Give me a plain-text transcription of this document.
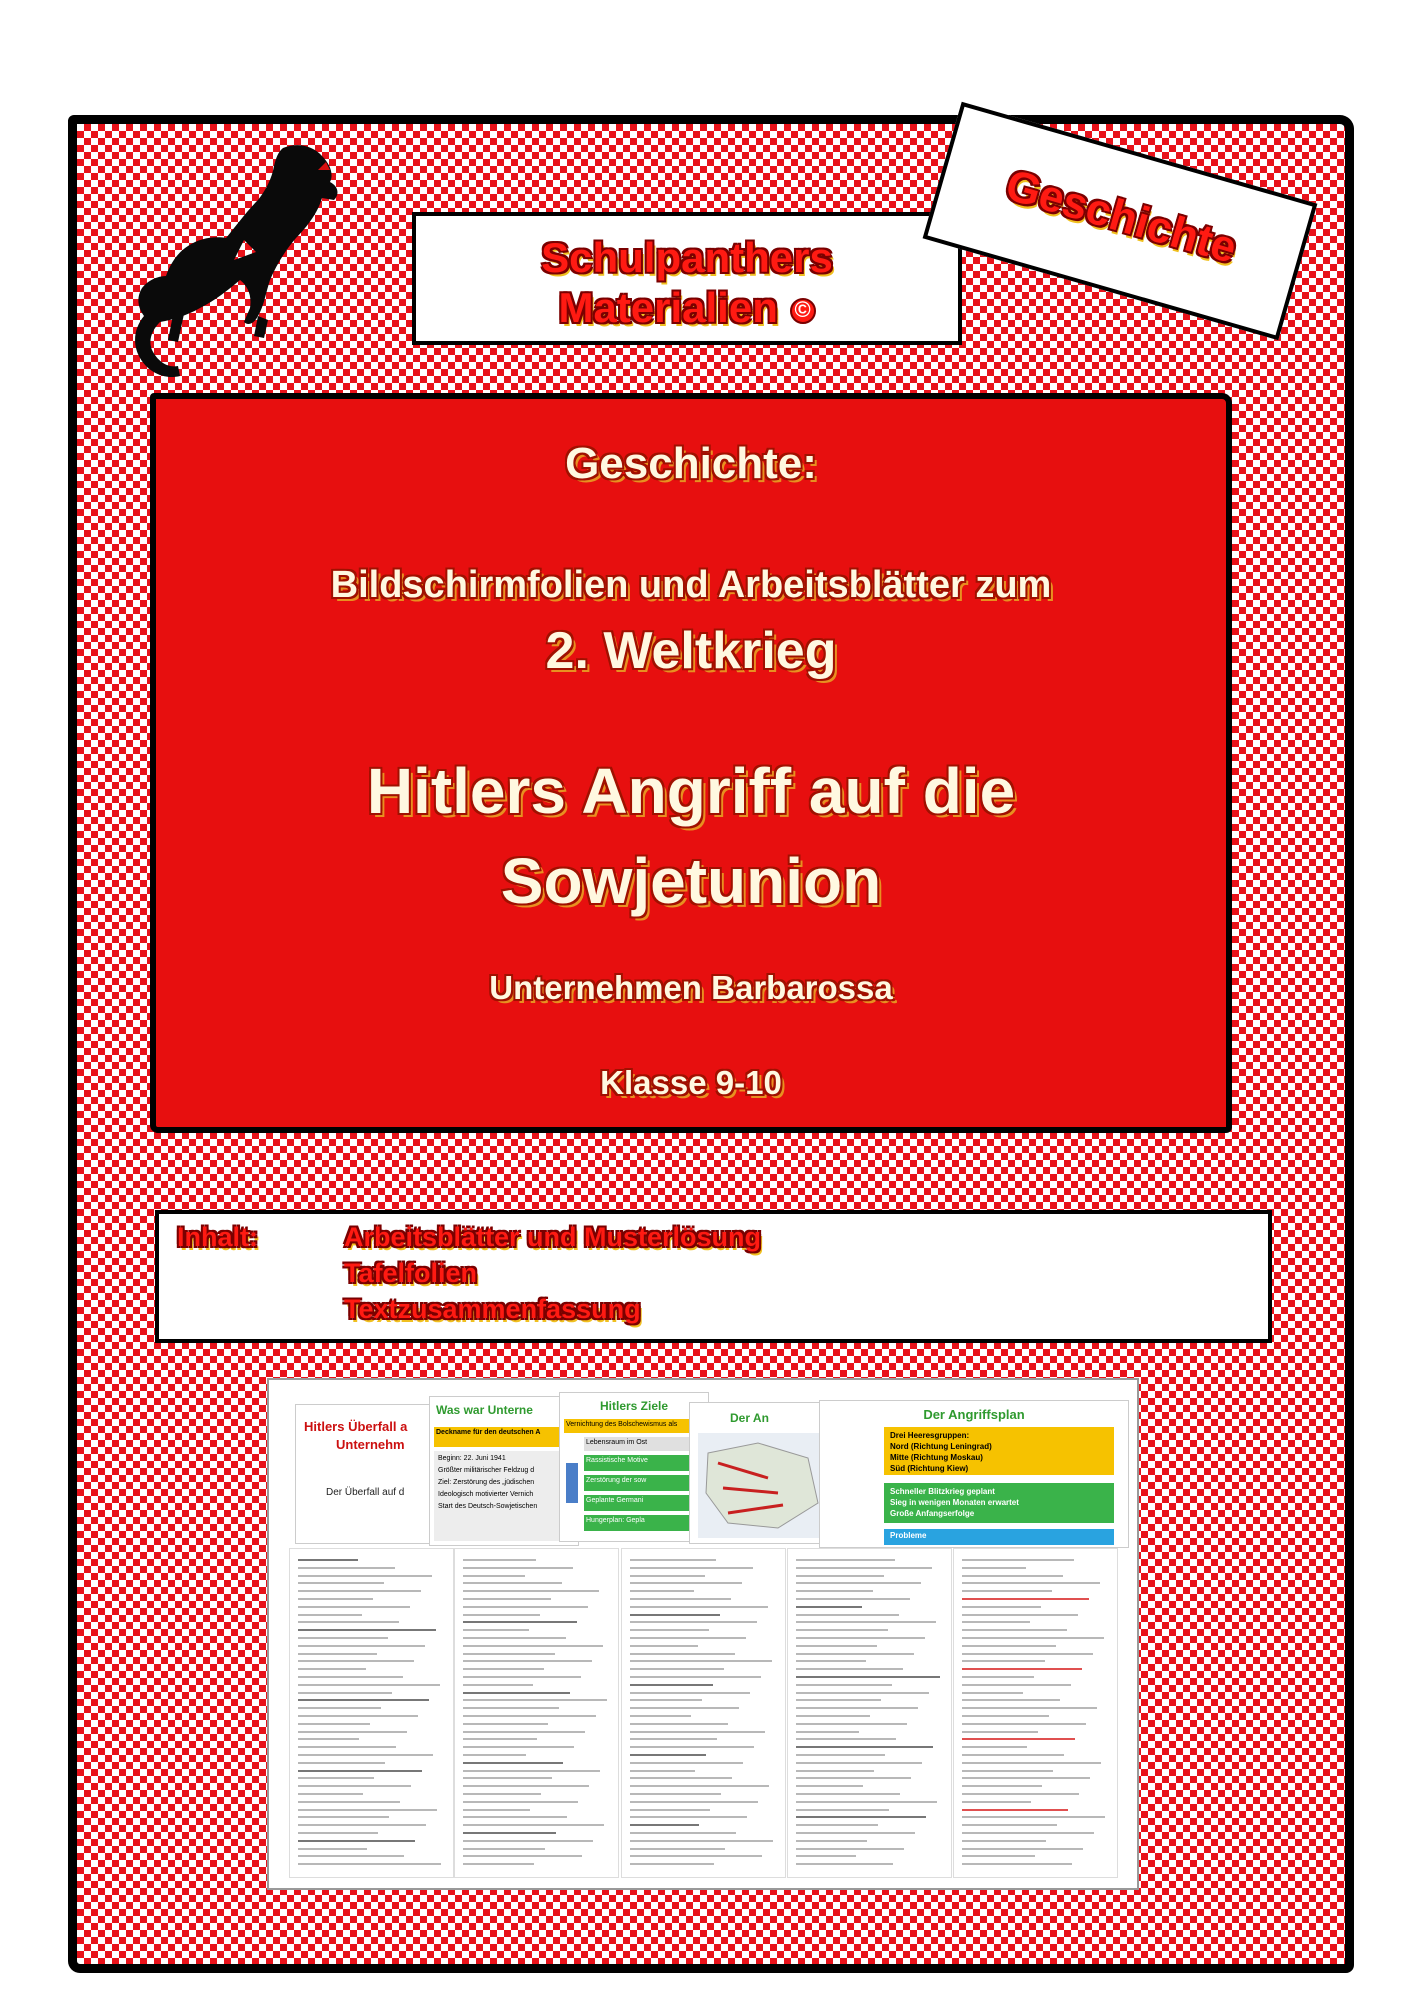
Schulpanthers
Materialien ©
Geschichte
Geschichte:
Bildschirmfolien und Arbeitsblätter zum
2. Weltkrieg
Hitlers Angriff auf die
Sowjetunion
Unternehmen Barbarossa
Klasse 9-10
Inhalt:	Arbeitsblätter und Musterlösung
Tafelfolien
Textzusammenfassung
Hitlers Überfall a
Unternehm
Der Überfall auf d
Was war Unterne
Deckname für den deutschen A
Beginn: 22. Juni 1941
Größter militärischer Feldzug d
Ziel: Zerstörung des „jüdischen
Ideologisch motivierter Vernich
Start des Deutsch-Sowjetischen
Hitlers Ziele
Vernichtung des Bolschewismus als
Lebensraum im Ost
Rassistische Motive
Zerstörung der sow
Geplante Germani
Hungerplan: Gepla
Der An	Der Angriffsplan
Drei Heeresgruppen:
Nord (Richtung Leningrad)
Mitte (Richtung Moskau)
Süd (Richtung Kiew)
Schneller Blitzkrieg geplant
Sieg in wenigen Monaten erwartet
Große Anfangserfolge
Probleme
